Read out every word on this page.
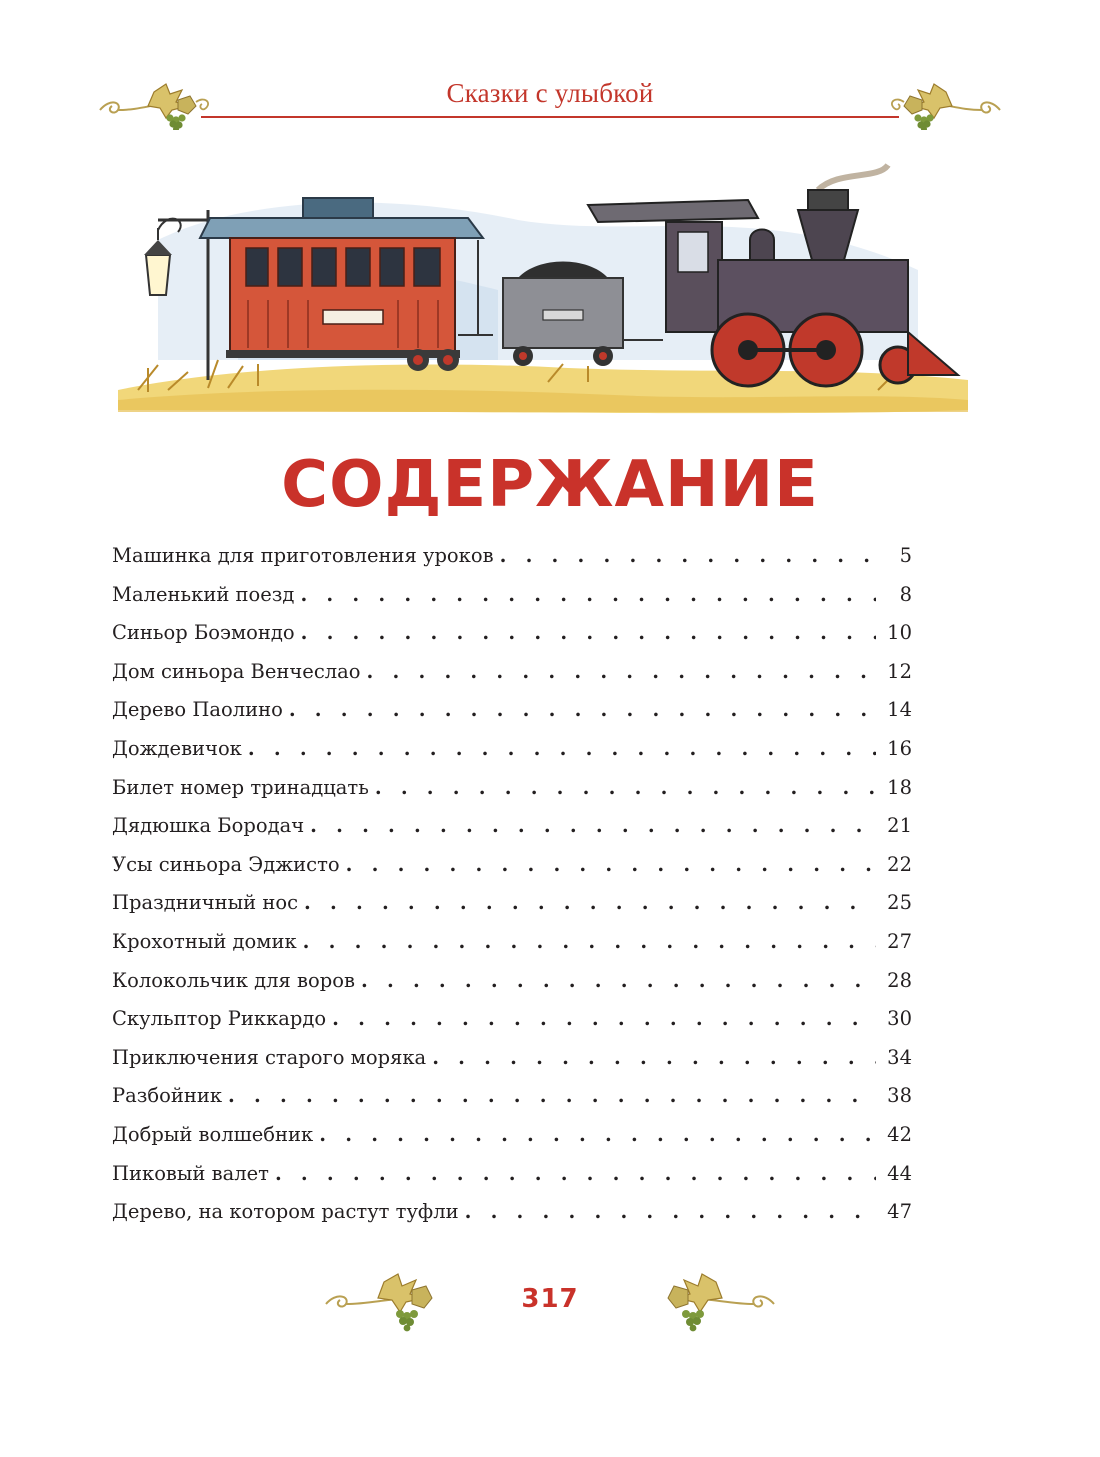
Сказки с улыбкой
СОДЕРЖАНИЕ
Машинка для приготовления уроков . . .	5
Маленький поезд . . .	8
Синьор Боэмондо . . .	10
Дом синьора Венчеслао . . .	12
Дерево Паолино . . .	14
Дождевичок . . .	16
Билет номер тринадцать . . .	18
Дядюшка Бородач . . .	21
Усы синьора Эджисто . . .	22
Праздничный нос . . .	25
Крохотный домик . . .	27
Колокольчик для воров . . .	28
Скульптор Риккардо . . .	30
Приключения старого моряка . . .	34
Разбойник . . .	38
Добрый волшебник . . .	42
Пиковый валет . . .	44
Дерево, на котором растут туфли . . .	47
317
